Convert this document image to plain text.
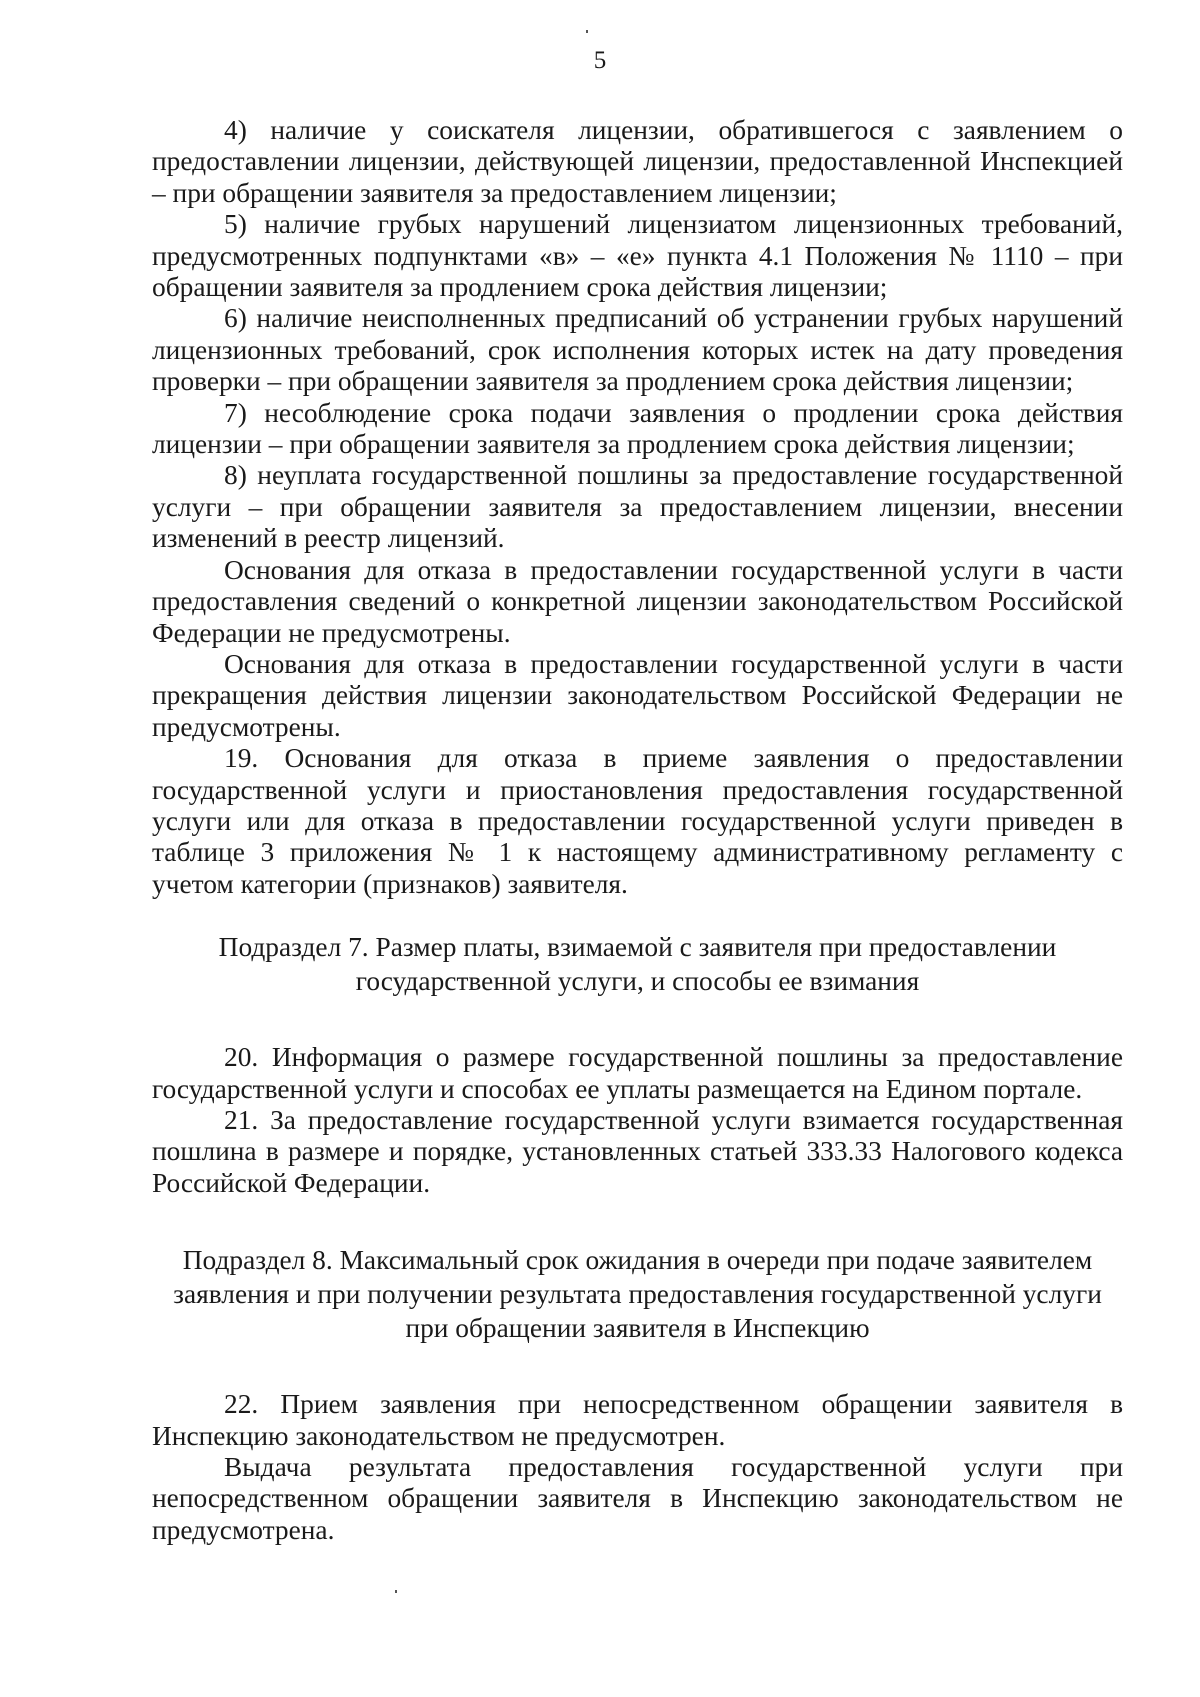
5

4) наличие у соискателя лицензии, обратившегося с заявлением о предоставлении лицензии, действующей лицензии, предоставленной Инспекцией – при обращении заявителя за предоставлением лицензии;

5) наличие грубых нарушений лицензиатом лицензионных требований, предусмотренных подпунктами «в» – «е» пункта 4.1 Положения № 1110 – при обращении заявителя за продлением срока действия лицензии;

6) наличие неисполненных предписаний об устранении грубых нарушений лицензионных требований, срок исполнения которых истек на дату проведения проверки – при обращении заявителя за продлением срока действия лицензии;

7) несоблюдение срока подачи заявления о продлении срока действия лицензии – при обращении заявителя за продлением срока действия лицензии;

8) неуплата государственной пошлины за предоставление государственной услуги – при обращении заявителя за предоставлением лицензии, внесении изменений в реестр лицензий.

Основания для отказа в предоставлении государственной услуги в части предоставления сведений о конкретной лицензии законодательством Российской Федерации не предусмотрены.

Основания для отказа в предоставлении государственной услуги в части прекращения действия лицензии законодательством Российской Федерации не предусмотрены.

19. Основания для отказа в приеме заявления о предоставлении государственной услуги и приостановления предоставления государственной услуги или для отказа в предоставлении государственной услуги приведен в таблице 3 приложения № 1 к настоящему административному регламенту с учетом категории (признаков) заявителя.

Подраздел 7. Размер платы, взимаемой с заявителя при предоставлении
государственной услуги, и способы ее взимания

20. Информация о размере государственной пошлины за предоставление государственной услуги и способах ее уплаты размещается на Едином портале.

21. За предоставление государственной услуги взимается государственная пошлина в размере и порядке, установленных статьей 333.33 Налогового кодекса Российской Федерации.

Подраздел 8. Максимальный срок ожидания в очереди при подаче заявителем
заявления и при получении результата предоставления государственной услуги
при обращении заявителя в Инспекцию

22. Прием заявления при непосредственном обращении заявителя в Инспекцию законодательством не предусмотрен.

Выдача результата предоставления государственной услуги при непосредственном обращении заявителя в Инспекцию законодательством не предусмотрена.
